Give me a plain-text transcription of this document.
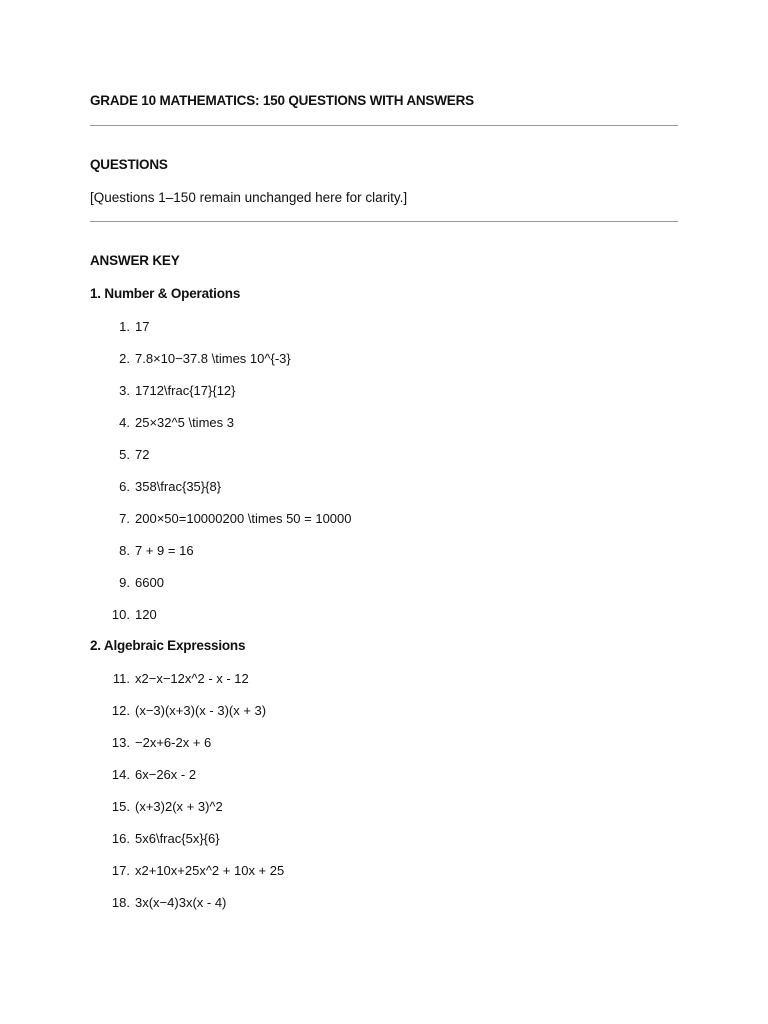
GRADE 10 MATHEMATICS: 150 QUESTIONS WITH ANSWERS
QUESTIONS
[Questions 1–150 remain unchanged here for clarity.]
ANSWER KEY
1. Number & Operations
1. 17
2. 7.8×10−37.8 \times 10^{-3}
3. 1712\frac{17}{12}
4. 25×32^5 \times 3
5. 72
6. 358\frac{35}{8}
7. 200×50=10000200 \times 50 = 10000
8. 7 + 9 = 16
9. 6600
10. 120
2. Algebraic Expressions
11. x2−x−12x^2 - x - 12
12. (x−3)(x+3)(x - 3)(x + 3)
13. −2x+6-2x + 6
14. 6x−26x - 2
15. (x+3)2(x + 3)^2
16. 5x6\frac{5x}{6}
17. x2+10x+25x^2 + 10x + 25
18. 3x(x−4)3x(x - 4)
